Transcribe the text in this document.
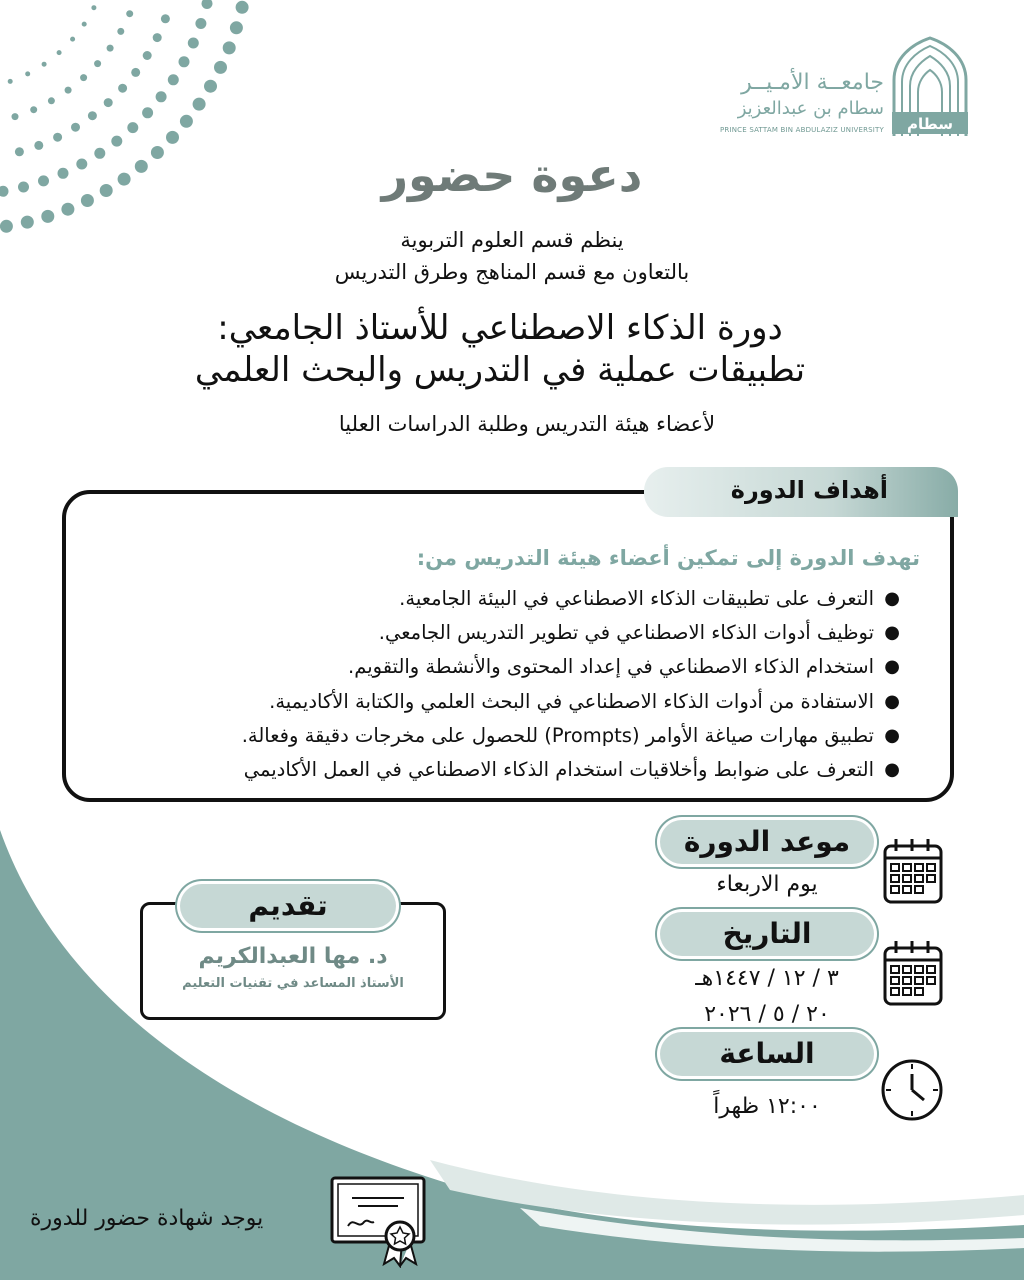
سطام
جامعــة الأمـيــر
سطام بن عبدالعزيز
PRINCE SATTAM BIN ABDULAZIZ UNIVERSITY
دعوة حضور
ينظم قسم العلوم التربوية
بالتعاون مع قسم المناهج وطرق التدريس
دورة الذكاء الاصطناعي للأستاذ الجامعي:
تطبيقات عملية في التدريس والبحث العلمي
لأعضاء هيئة التدريس وطلبة الدراسات العليا
أهداف الدورة
تهدف الدورة إلى تمكين أعضاء هيئة التدريس من:
●
التعرف على تطبيقات الذكاء الاصطناعي في البيئة الجامعية.
●
توظيف أدوات الذكاء الاصطناعي في تطوير التدريس الجامعي.
●
استخدام الذكاء الاصطناعي في إعداد المحتوى والأنشطة والتقويم.
●
الاستفادة من أدوات الذكاء الاصطناعي في البحث العلمي والكتابة الأكاديمية.
●
تطبيق مهارات صياغة الأوامر (Prompts) للحصول على مخرجات دقيقة وفعالة.
●
التعرف على ضوابط وأخلاقيات استخدام الذكاء الاصطناعي في العمل الأكاديمي
موعد الدورة
يوم الاربعاء
التاريخ
٣ / ١٢ / ١٤٤٧هـ
٢٠ / ٥ / ٢٠٢٦
الساعة
١٢:٠٠ ظهراً
تقديم
د. مها العبدالكريم
الأستاذ المساعد في تقنيات التعليم
يوجد شهادة حضور للدورة
